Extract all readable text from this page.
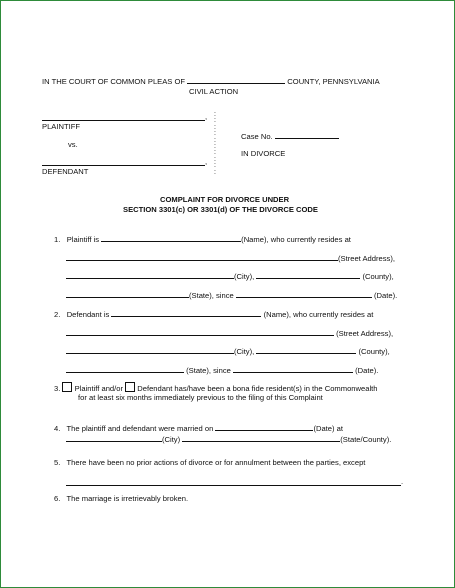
IN THE COURT OF COMMON PLEAS OF	COUNTY, PENNSYLVANIA
CIVIL ACTION
,
PLAINTIFF
vs.
,
DEFENDANT
:
:
:
:
:
:
:
:
:
:
Case No.
IN DIVORCE
COMPLAINT FOR DIVORCE UNDER
SECTION 3301(c) OR 3301(d) OF THE DIVORCE CODE
1. Plaintiff is	(Name), who currently resides at
(Street Address),
(City),	(County),
(State), since	(Date).
2. Defendant is	(Name), who currently resides at
(Street Address),
(City),	(County),
(State), since	(Date).
3. Plaintiff and/or Defendant has/have been a bona fide resident(s) in the Commonwealth
for at least six months immediately previous to the filing of this Complaint
4. The plaintiff and defendant were married on	(Date) at
(City)	(State/County).
5. There have been no prior actions of divorce or for annulment between the parties, except
.
6. The marriage is irretrievably broken.
